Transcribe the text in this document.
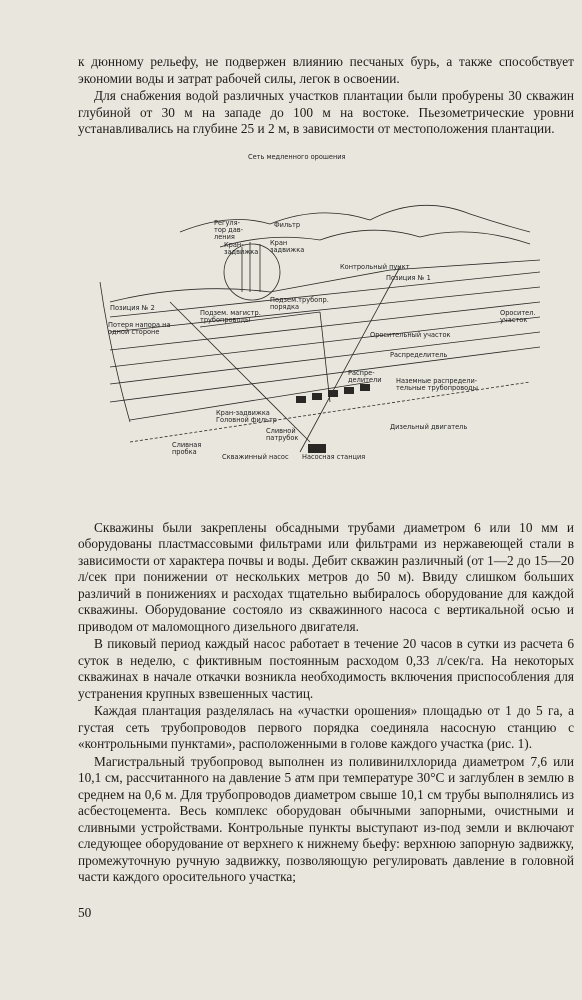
к дюнному рельефу, не подвержен влиянию песчаных бурь, а также способствует экономии воды и затрат рабочей силы, легок в освоении.

Для снабжения водой различных участков плантации были пробурены 30 скважин глубиной от 30 м на западе до 100 м на востоке. Пьезометрические уровни устанавливались на глубине 25 и 2 м, в зависимости от местоположения плантации.

Сеть медленного орошения
Регуля-
тор дав-
ления
Кран-
задвижка
Фильтр
Кран
задвижка
Контрольный пункт
Позиция № 1
Позиция № 2
Подзем.трубопр.
порядка
Подзем. магистр.
трубопроводы
Потеря напора на
одной стороне	Оросительный участок
Распределитель
Оросител.
участок
Распре-
делители Наземные распредели-
тельные трубопроводы
Кран-задвижка
Головной фильтр
Сливной
патрубок
Дизельный двигатель
Сливная
пробка
Скважинный насос Насосная станция

Скважины были закреплены обсадными трубами диаметром 6 или 10 мм и оборудованы пластмассовыми фильтрами или фильтрами из нержавеющей стали в зависимости от характера почвы и воды. Дебит скважин различный (от 1—2 до 15—20 л/сек при понижении от нескольких метров до 50 м). Ввиду слишком больших различий в понижениях и расходах тщательно выбиралось оборудование для каждой скважины. Оборудование состояло из скважинного насоса с вертикальной осью и приводом от маломощного дизельного двигателя.

В пиковый период каждый насос работает в течение 20 часов в сутки из расчета 6 суток в неделю, с фиктивным постоянным расходом 0,33 л/сек/га. На некоторых скважинах в начале откачки возникла необходимость включения приспособления для устранения крупных взвешенных частиц.

Каждая плантация разделялась на «участки орошения» площадью от 1 до 5 га, а густая сеть трубопроводов первого порядка соединяла насосную станцию с «контрольными пунктами», расположенными в голове каждого участка (рис. 1).

Магистральный трубопровод выполнен из поливинилхлорида диаметром 7,6 или 10,1 см, рассчитанного на давление 5 атм при температуре 30°С и заглублен в землю в среднем на 0,6 м. Для трубопроводов диаметром свыше 10,1 см трубы выполнялись из асбестоцемента. Весь комплекс оборудован обычными запорными, очистными и сливными устройствами. Контрольные пункты выступают из-под земли и включают следующее оборудование от верхнего к нижнему бьефу: верхнюю запорную задвижку, промежуточную ручную задвижку, позволяющую регулировать давление в головной части каждого оросительного участка;

50
